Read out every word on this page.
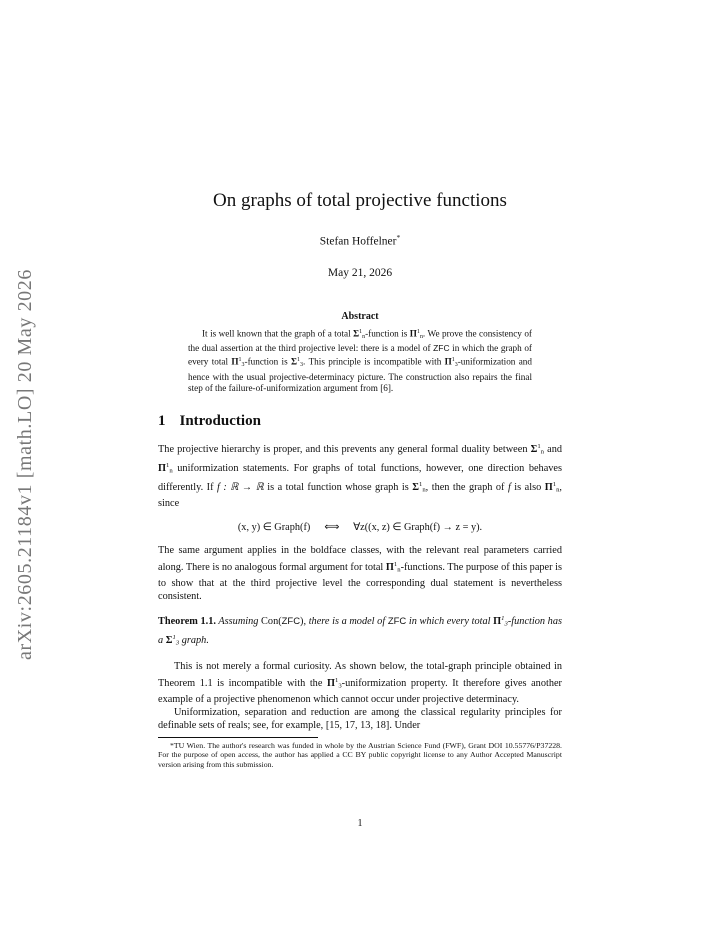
arXiv:2605.21184v1 [math.LO] 20 May 2026
On graphs of total projective functions
Stefan Hoffelner*
May 21, 2026
Abstract

It is well known that the graph of a total $\Sigma^1_n$-function is $\Pi^1_n$. We prove the consistency of the dual assertion at the third projective level: there is a model of ZFC in which the graph of every total $\Pi^1_3$-function is $\Sigma^1_3$. This principle is incompatible with $\Pi^1_3$-uniformization and hence with the usual projective-determinacy picture. The construction also repairs the final step of the failure-of-uniformization argument from [6].

1 Introduction

The projective hierarchy is proper, and this prevents any general formal duality between $\Sigma^1_n$ and $\Pi^1_n$ uniformization statements. For graphs of total functions, however, one direction behaves differently. If f : ℝ → ℝ is a total function whose graph is $\Sigma^1_n$, then the graph of f is also $\Pi^1_n$, since

(x, y) ∈ Graph(f) ⟺ ∀z((x, z) ∈ Graph(f) → z = y).

The same argument applies in the boldface classes, with the relevant real parameters carried along. There is no analogous formal argument for total $\Pi^1_n$-functions. The purpose of this paper is to show that at the third projective level the corresponding dual statement is nevertheless consistent.

Theorem 1.1. Assuming Con(ZFC), there is a model of ZFC in which every total $\Pi^1_3$-function has a $\Sigma^1_3$ graph.

This is not merely a formal curiosity. As shown below, the total-graph principle obtained in Theorem 1.1 is incompatible with the $\Pi^1_3$-uniformization property. It therefore gives another example of a projective phenomenon which cannot occur under projective determinacy.

Uniformization, separation and reduction are among the classical regularity principles for definable sets of reals; see, for example, [15, 17, 13, 18]. Under

*TU Wien. The author's research was funded in whole by the Austrian Science Fund (FWF), Grant DOI 10.55776/P37228. For the purpose of open access, the author has applied a CC BY public copyright license to any Author Accepted Manuscript version arising from this submission.

1
